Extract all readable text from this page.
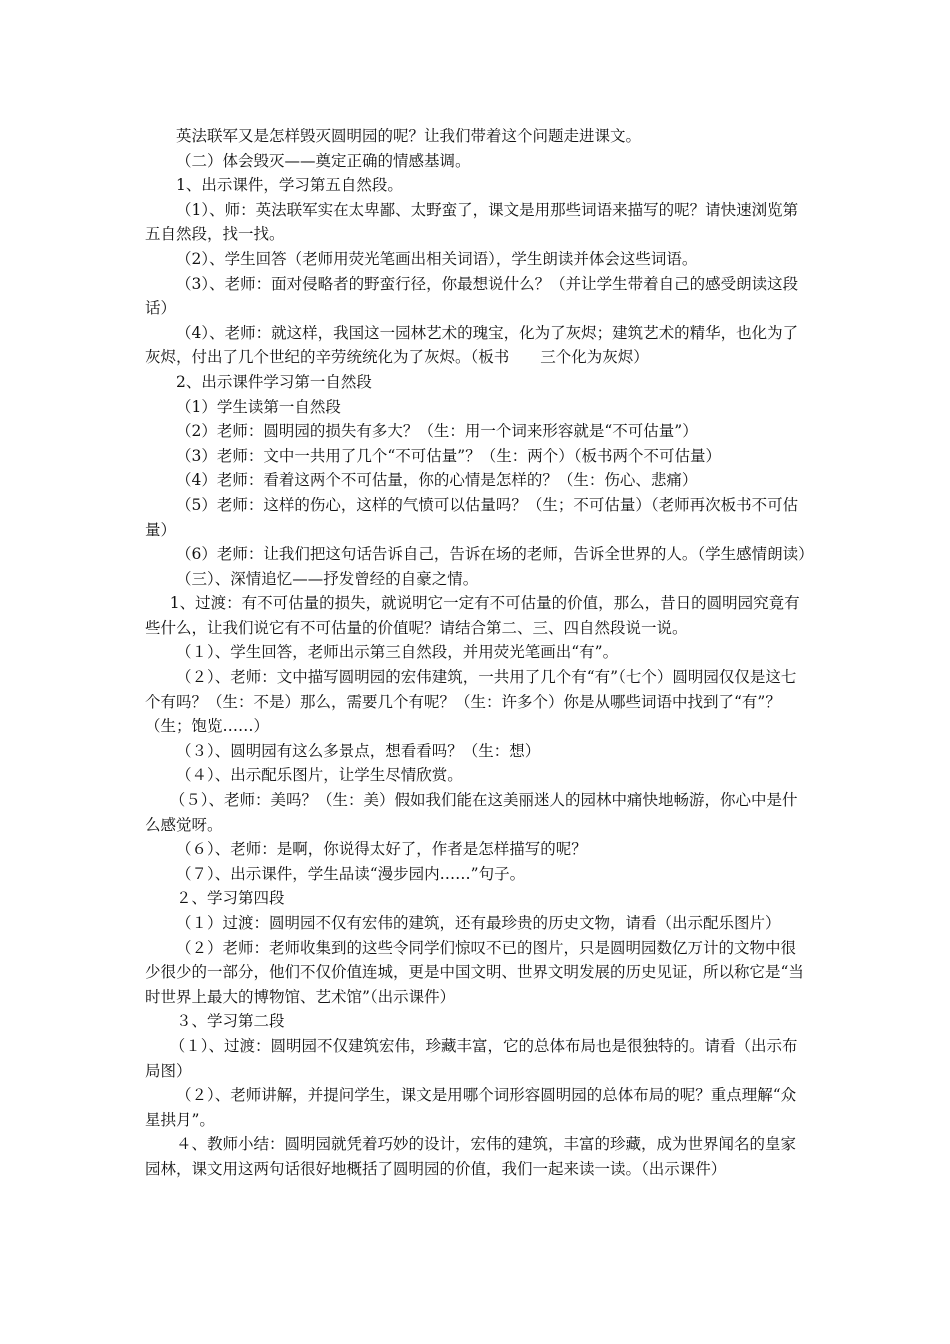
英法联军又是怎样毁灭圆明园的呢？让我们带着这个问题走进课文。

（二）体会毁灭——奠定正确的情感基调。

1、出示课件，学习第五自然段。

（1）、师：英法联军实在太卑鄙、太野蛮了，课文是用那些词语来描写的呢？请快速浏览第五自然段，找一找。

（2）、学生回答（老师用荧光笔画出相关词语），学生朗读并体会这些词语。

（3）、老师：面对侵略者的野蛮行径，你最想说什么？（并让学生带着自己的感受朗读这段话）

（4）、老师：就这样，我国这一园林艺术的瑰宝，化为了灰烬；建筑艺术的精华，也化为了灰烬，付出了几个世纪的辛劳统统化为了灰烬。（板书　　三个化为灰烬）

2、出示课件学习第一自然段

（1）学生读第一自然段

（2）老师：圆明园的损失有多大？（生：用一个词来形容就是“不可估量”）

（3）老师：文中一共用了几个“不可估量”？（生：两个）（板书两个不可估量）

（4）老师：看着这两个不可估量，你的心情是怎样的？（生：伤心、悲痛）

（5）老师：这样的伤心，这样的气愤可以估量吗？（生；不可估量）（老师再次板书不可估量）

（6）老师：让我们把这句话告诉自己，告诉在场的老师，告诉全世界的人。（学生感情朗读）

（三）、深情追忆——抒发曾经的自豪之情。

1、过渡：有不可估量的损失，就说明它一定有不可估量的价值，那么，昔日的圆明园究竟有些什么，让我们说它有不可估量的价值呢？请结合第二、三、四自然段说一说。

（１）、学生回答，老师出示第三自然段，并用荧光笔画出“有”。

（２）、老师：文中描写圆明园的宏伟建筑，一共用了几个有“有”（七个）圆明园仅仅是这七个有吗？（生：不是）那么，需要几个有呢？（生：许多个）你是从哪些词语中找到了“有”？（生；饱览……）

（３）、圆明园有这么多景点，想看看吗？（生：想）

（４）、出示配乐图片，让学生尽情欣赏。

（５）、老师：美吗？（生：美）假如我们能在这美丽迷人的园林中痛快地畅游，你心中是什么感觉呀。

（６）、老师：是啊，你说得太好了，作者是怎样描写的呢？

（７）、出示课件，学生品读“漫步园内……”句子。

２、学习第四段

（１）过渡：圆明园不仅有宏伟的建筑，还有最珍贵的历史文物，请看（出示配乐图片）

（２）老师：老师收集到的这些令同学们惊叹不已的图片，只是圆明园数亿万计的文物中很少很少的一部分，他们不仅价值连城，更是中国文明、世界文明发展的历史见证，所以称它是“当时世界上最大的博物馆、艺术馆”（出示课件）

３、学习第二段

（１）、过渡：圆明园不仅建筑宏伟，珍藏丰富，它的总体布局也是很独特的。请看（出示布局图）

（２）、老师讲解，并提问学生，课文是用哪个词形容圆明园的总体布局的呢？重点理解“众星拱月”。

４、教师小结：圆明园就凭着巧妙的设计，宏伟的建筑，丰富的珍藏，成为世界闻名的皇家园林，课文用这两句话很好地概括了圆明园的价值，我们一起来读一读。（出示课件）
